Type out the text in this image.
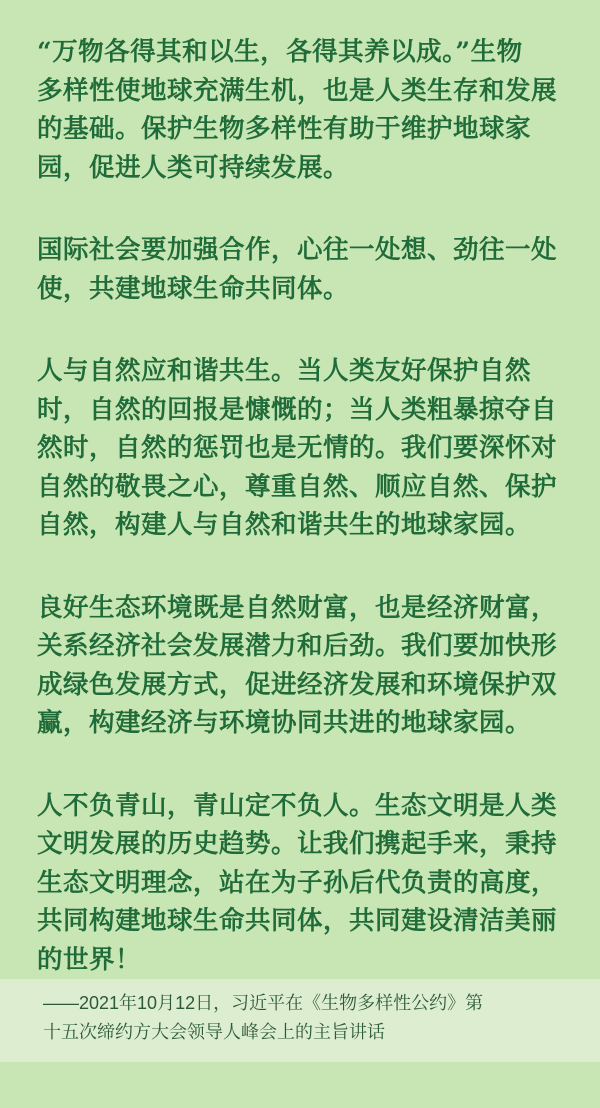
“万物各得其和以生，各得其养以成。”生物
多样性使地球充满生机，也是人类生存和发展
的基础。保护生物多样性有助于维护地球家
园，促进人类可持续发展。

国际社会要加强合作，心往一处想、劲往一处
使，共建地球生命共同体。

人与自然应和谐共生。当人类友好保护自然
时，自然的回报是慷慨的；当人类粗暴掠夺自
然时，自然的惩罚也是无情的。我们要深怀对
自然的敬畏之心，尊重自然、顺应自然、保护
自然，构建人与自然和谐共生的地球家园。

良好生态环境既是自然财富，也是经济财富，
关系经济社会发展潜力和后劲。我们要加快形
成绿色发展方式，促进经济发展和环境保护双
赢，构建经济与环境协同共进的地球家园。

人不负青山，青山定不负人。生态文明是人类
文明发展的历史趋势。让我们携起手来，秉持
生态文明理念，站在为子孙后代负责的高度，
共同构建地球生命共同体，共同建设清洁美丽
的世界！

——2021年10月12日，习近平在《生物多样性公约》第
十五次缔约方大会领导人峰会上的主旨讲话
